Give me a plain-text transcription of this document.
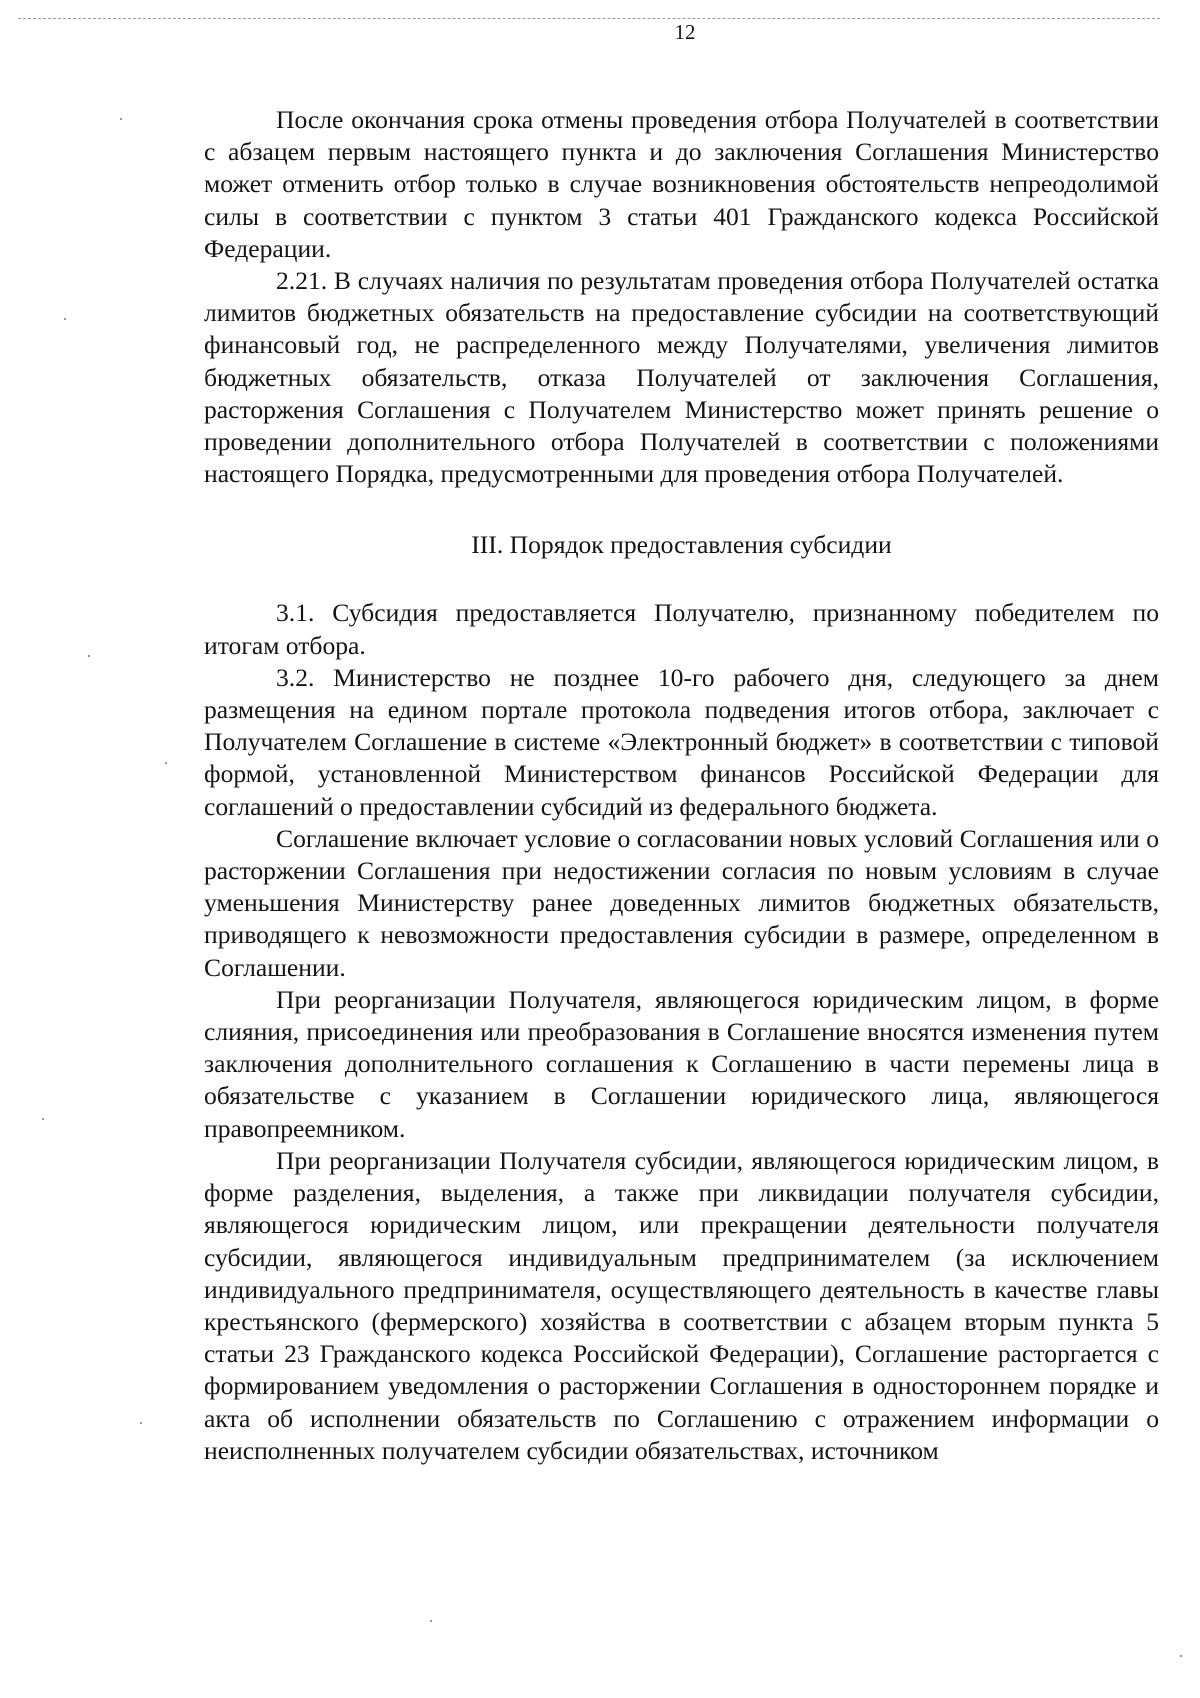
12

После окончания срока отмены проведения отбора Получателей в соответствии с абзацем первым настоящего пункта и до заключения Соглашения Министерство может отменить отбор только в случае возникновения обстоятельств непреодолимой силы в соответствии с пунктом 3 статьи 401 Гражданского кодекса Российской Федерации.

2.21. В случаях наличия по результатам проведения отбора Получателей остатка лимитов бюджетных обязательств на предоставление субсидии на соответствующий финансовый год, не распределенного между Получателями, увеличения лимитов бюджетных обязательств, отказа Получателей от заключения Соглашения, расторжения Соглашения с Получателем Министерство может принять решение о проведении дополнительного отбора Получателей в соответствии с положениями настоящего Порядка, предусмотренными для проведения отбора Получателей.

III. Порядок предоставления субсидии

3.1. Субсидия предоставляется Получателю, признанному победителем по итогам отбора.

3.2. Министерство не позднее 10-го рабочего дня, следующего за днем размещения на едином портале протокола подведения итогов отбора, заключает с Получателем Соглашение в системе «Электронный бюджет» в соответствии с типовой формой, установленной Министерством финансов Российской Федерации для соглашений о предоставлении субсидий из федерального бюджета.

Соглашение включает условие о согласовании новых условий Соглашения или о расторжении Соглашения при недостижении согласия по новым условиям в случае уменьшения Министерству ранее доведенных лимитов бюджетных обязательств, приводящего к невозможности предоставления субсидии в размере, определенном в Соглашении.

При реорганизации Получателя, являющегося юридическим лицом, в форме слияния, присоединения или преобразования в Соглашение вносятся изменения путем заключения дополнительного соглашения к Соглашению в части перемены лица в обязательстве с указанием в Соглашении юридического лица, являющегося правопреемником.

При реорганизации Получателя субсидии, являющегося юридическим лицом, в форме разделения, выделения, а также при ликвидации получателя субсидии, являющегося юридическим лицом, или прекращении деятельности получателя субсидии, являющегося индивидуальным предпринимателем (за исключением индивидуального предпринимателя, осуществляющего деятельность в качестве главы крестьянского (фермерского) хозяйства в соответствии с абзацем вторым пункта 5 статьи 23 Гражданского кодекса Российской Федерации), Соглашение расторгается с формированием уведомления о расторжении Соглашения в одностороннем порядке и акта об исполнении обязательств по Соглашению с отражением информации о неисполненных получателем субсидии обязательствах, источником
